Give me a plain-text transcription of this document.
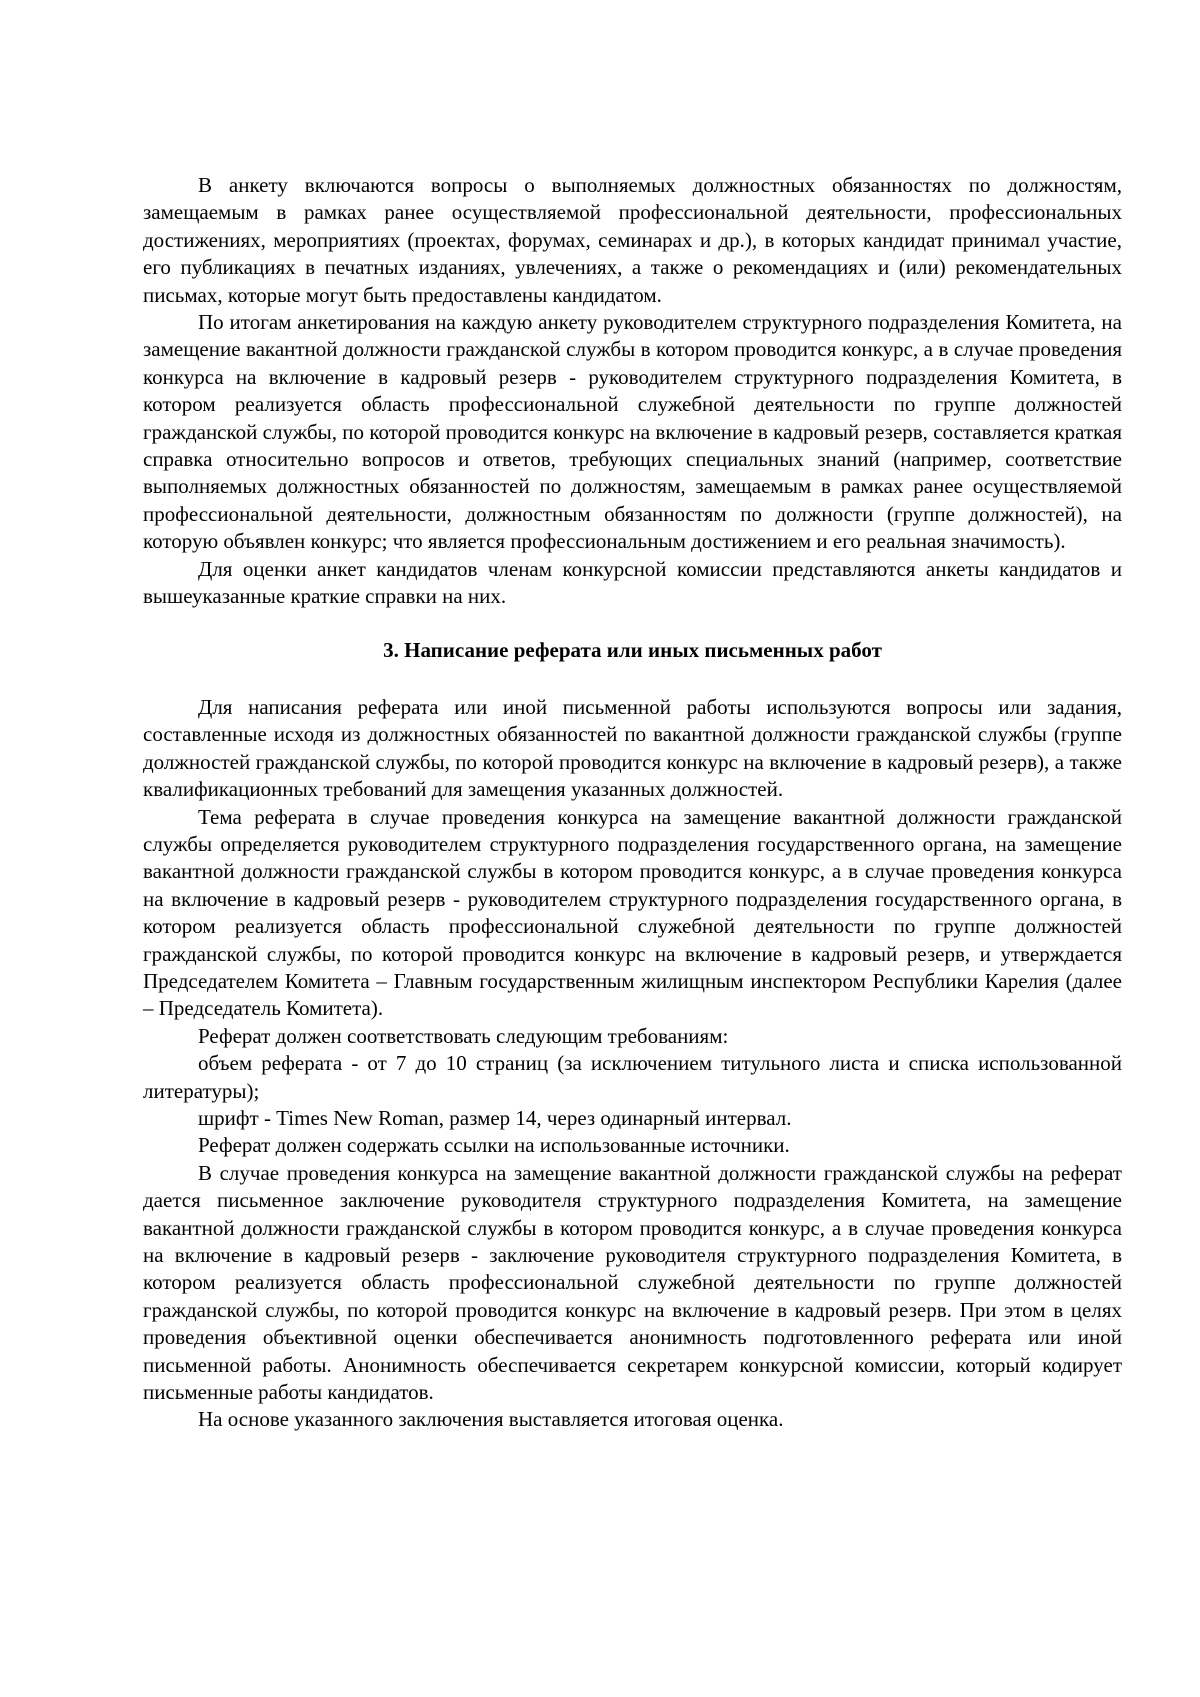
В анкету включаются вопросы о выполняемых должностных обязанностях по должностям, замещаемым в рамках ранее осуществляемой профессиональной деятельности, профессиональных достижениях, мероприятиях (проектах, форумах, семинарах и др.), в которых кандидат принимал участие, его публикациях в печатных изданиях, увлечениях, а также о рекомендациях и (или) рекомендательных письмах, которые могут быть предоставлены кандидатом.

По итогам анкетирования на каждую анкету руководителем структурного подразделения Комитета, на замещение вакантной должности гражданской службы в котором проводится конкурс, а в случае проведения конкурса на включение в кадровый резерв - руководителем структурного подразделения Комитета, в котором реализуется область профессиональной служебной деятельности по группе должностей гражданской службы, по которой проводится конкурс на включение в кадровый резерв, составляется краткая справка относительно вопросов и ответов, требующих специальных знаний (например, соответствие выполняемых должностных обязанностей по должностям, замещаемым в рамках ранее осуществляемой профессиональной деятельности, должностным обязанностям по должности (группе должностей), на которую объявлен конкурс; что является профессиональным достижением и его реальная значимость).

Для оценки анкет кандидатов членам конкурсной комиссии представляются анкеты кандидатов и вышеуказанные краткие справки на них.

3. Написание реферата или иных письменных работ

Для написания реферата или иной письменной работы используются вопросы или задания, составленные исходя из должностных обязанностей по вакантной должности гражданской службы (группе должностей гражданской службы, по которой проводится конкурс на включение в кадровый резерв), а также квалификационных требований для замещения указанных должностей.

Тема реферата в случае проведения конкурса на замещение вакантной должности гражданской службы определяется руководителем структурного подразделения государственного органа, на замещение вакантной должности гражданской службы в котором проводится конкурс, а в случае проведения конкурса на включение в кадровый резерв - руководителем структурного подразделения государственного органа, в котором реализуется область профессиональной служебной деятельности по группе должностей гражданской службы, по которой проводится конкурс на включение в кадровый резерв, и утверждается Председателем Комитета – Главным государственным жилищным инспектором Республики Карелия (далее – Председатель Комитета).

Реферат должен соответствовать следующим требованиям:

объем реферата - от 7 до 10 страниц (за исключением титульного листа и списка использованной литературы);

шрифт - Times New Roman, размер 14, через одинарный интервал.

Реферат должен содержать ссылки на использованные источники.

В случае проведения конкурса на замещение вакантной должности гражданской службы на реферат дается письменное заключение руководителя структурного подразделения Комитета, на замещение вакантной должности гражданской службы в котором проводится конкурс, а в случае проведения конкурса на включение в кадровый резерв - заключение руководителя структурного подразделения Комитета, в котором реализуется область профессиональной служебной деятельности по группе должностей гражданской службы, по которой проводится конкурс на включение в кадровый резерв. При этом в целях проведения объективной оценки обеспечивается анонимность подготовленного реферата или иной письменной работы. Анонимность обеспечивается секретарем конкурсной комиссии, который кодирует письменные работы кандидатов.

На основе указанного заключения выставляется итоговая оценка.
